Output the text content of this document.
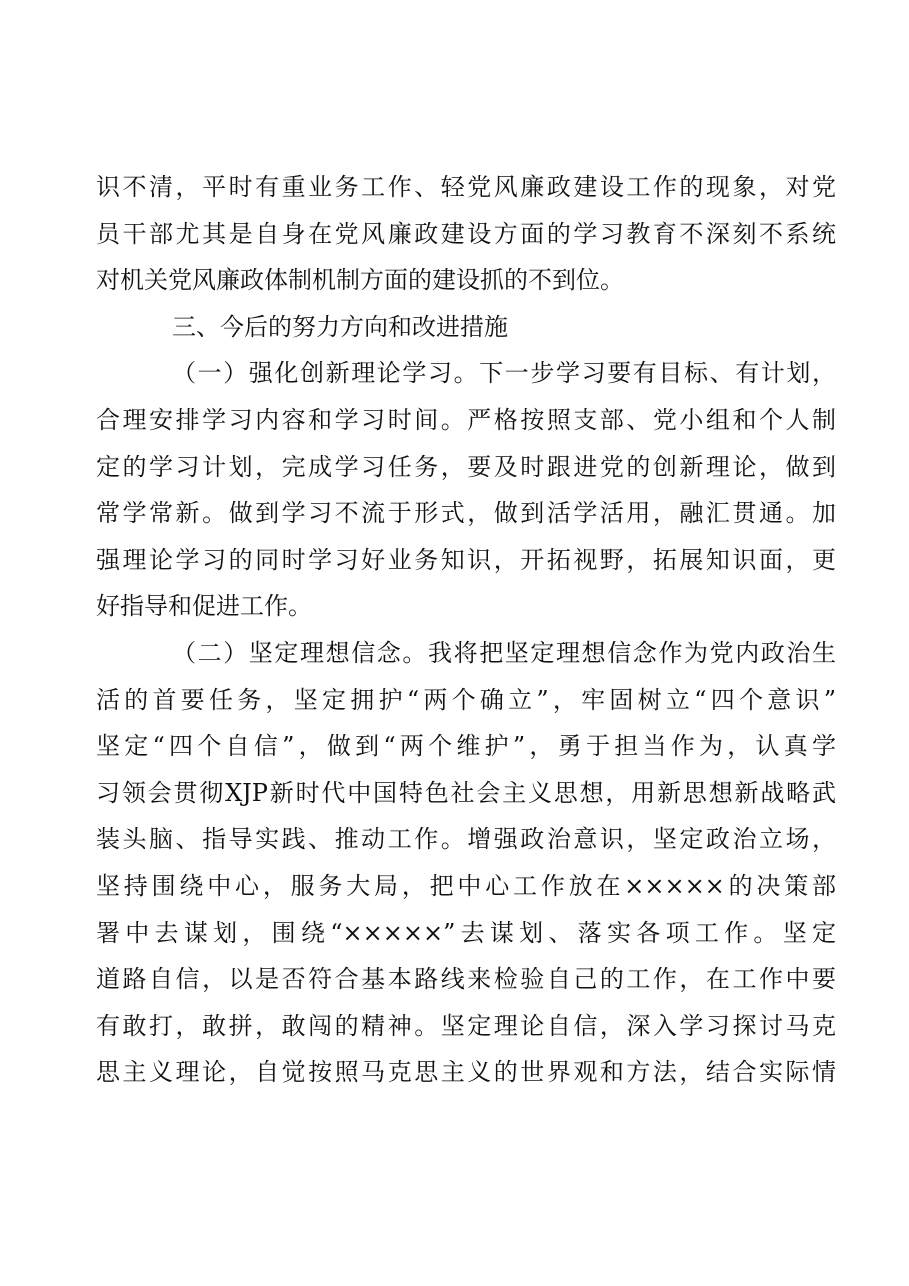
识不清，平时有重业务工作、轻党风廉政建设工作的现象，对党
员干部尤其是自身在党风廉政建设方面的学习教育不深刻不系统
对机关党风廉政体制机制方面的建设抓的不到位。
三、今后的努力方向和改进措施
（一）强化创新理论学习。下一步学习要有目标、有计划，
合理安排学习内容和学习时间。严格按照支部、党小组和个人制
定的学习计划，完成学习任务，要及时跟进党的创新理论，做到
常学常新。做到学习不流于形式，做到活学活用，融汇贯通。加
强理论学习的同时学习好业务知识，开拓视野，拓展知识面，更
好指导和促进工作。
（二）坚定理想信念。我将把坚定理想信念作为党内政治生
活的首要任务，坚定拥护“两个确立”，牢固树立“四个意识”
坚定“四个自信”，做到“两个维护”，勇于担当作为，认真学
习领会贯彻XJP新时代中国特色社会主义思想，用新思想新战略武
装头脑、指导实践、推动工作。增强政治意识，坚定政治立场，
坚持围绕中心，服务大局，把中心工作放在×××××的决策部
署中去谋划，围绕“×××××”去谋划、落实各项工作。坚定
道路自信，以是否符合基本路线来检验自己的工作，在工作中要
有敢打，敢拼，敢闯的精神。坚定理论自信，深入学习探讨马克
思主义理论，自觉按照马克思主义的世界观和方法，结合实际情
